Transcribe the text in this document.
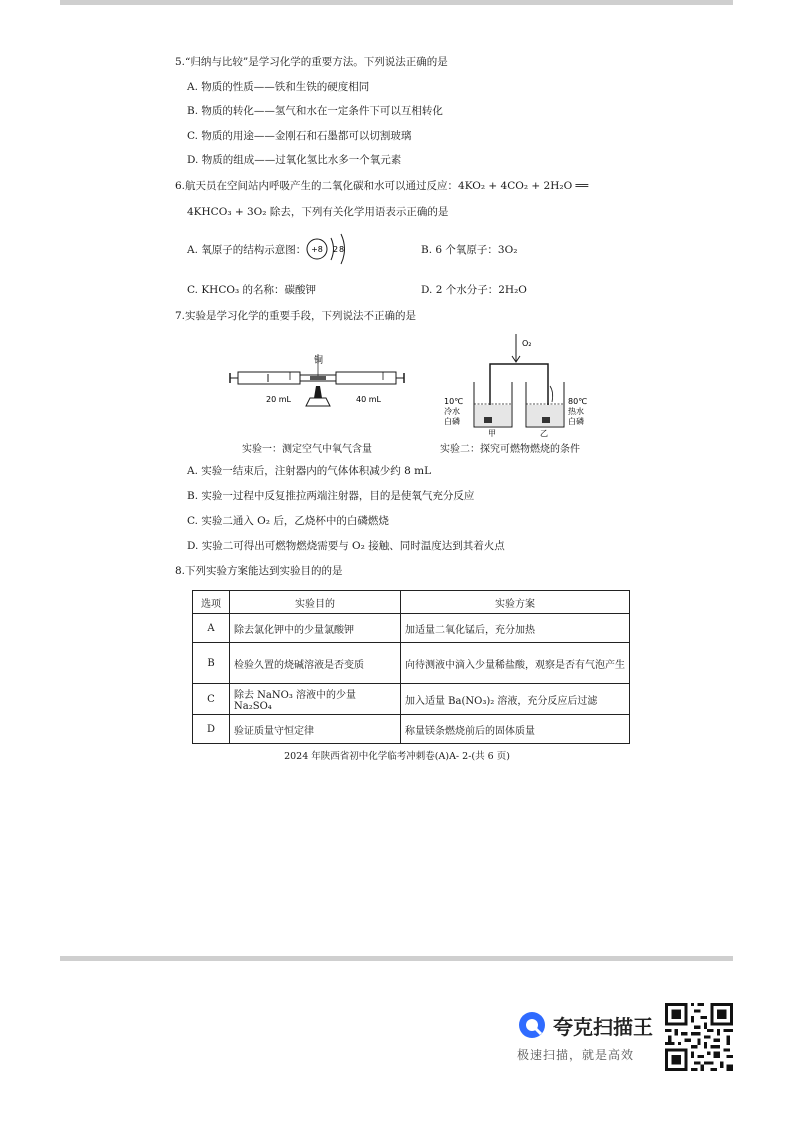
5.“归纳与比较”是学习化学的重要方法。下列说法正确的是
A. 物质的性质——铁和生铁的硬度相同
B. 物质的转化——氢气和水在一定条件下可以互相转化
C. 物质的用途——金刚石和石墨都可以切割玻璃
D. 物质的组成——过氧化氢比水多一个氧元素
6.航天员在空间站内呼吸产生的二氧化碳和水可以通过反应：4KO₂ + 4CO₂ + 2H₂O ══
4KHCO₃ + 3O₂ 除去，下列有关化学用语表示正确的是
A. 氧原子的结构示意图： +8 2 8	B. 6 个氧原子：3O₂
C. KHCO₃ 的名称：碳酸钾	D. 2 个水分子：2H₂O
7.实验是学习化学的重要手段，下列说法不正确的是
铜
20 mL	40 mL
实验一：测定空气中氧气含量
O₂
10℃
冷水
白磷
80℃
热水
白磷
甲	乙
实验二：探究可燃物燃烧的条件
A. 实验一结束后，注射器内的气体体积减少约 8 mL
B. 实验一过程中反复推拉两端注射器，目的是使氧气充分反应
C. 实验二通入 O₂ 后，乙烧杯中的白磷燃烧
D. 实验二可得出可燃物燃烧需要与 O₂ 接触、同时温度达到其着火点
8.下列实验方案能达到实验目的的是
选项	实验目的	实验方案
A	除去氯化钾中的少量氯酸钾	加适量二氧化锰后，充分加热
B	检验久置的烧碱溶液是否变质	向待测液中滴入少量稀盐酸，观察是否有气泡产生
C	除去 NaNO₃ 溶液中的少量 Na₂SO₄	加入适量 Ba(NO₃)₂ 溶液，充分反应后过滤
D	验证质量守恒定律	称量镁条燃烧前后的固体质量
2024 年陕西省初中化学临考冲刺卷(A)A- 2-(共 6 页)
夸克扫描王
极速扫描，就是高效
